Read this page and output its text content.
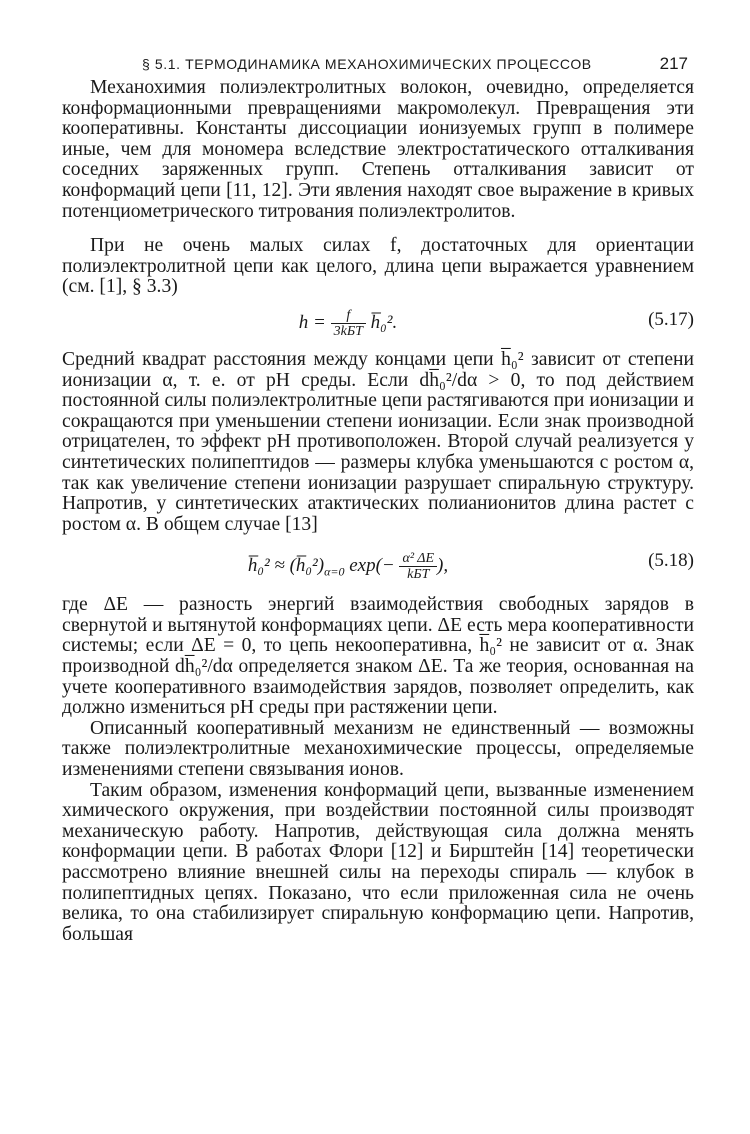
§ 5.1. ТЕРМОДИНАМИКА МЕХАНОХИМИЧЕСКИХ ПРОЦЕССОВ	217

Механохимия полиэлектролитных волокон, очевидно, определяется конформационными превращениями макромолекул. Превращения эти кооперативны. Константы диссоциации ионизуемых групп в полимере иные, чем для мономера вследствие электростатического отталкивания соседних заряженных групп. Степень отталкивания зависит от конформаций цепи [11, 12]. Эти явления находят свое выражение в кривых потенциометрического титрования полиэлектролитов.

При не очень малых силах f, достаточных для ориентации полиэлектролитной цепи как целого, длина цепи выражается уравнением (см. [1], § 3.3)

$h = \frac{f}{\text{3kБT}}$ h̅₀².	(5.17)

Средний квадрат расстояния между концами цепи h̅₀² зависит от степени ионизации α, т. е. от pH среды. Если dh̅₀²/dα > 0, то под действием постоянной силы полиэлектролитные цепи растягиваются при ионизации и сокращаются при уменьшении степени ионизации. Если знак производной отрицателен, то эффект pH противоположен. Второй случай реализуется у синтетических полипептидов — размеры клубка уменьшаются с ростом α, так как увеличение степени ионизации разрушает спиральную структуру. Напротив, у синтетических атактических полианионитов длина растет с ростом α. В общем случае [13]

h̅₀² ≈ $(h̅_0^2)_{\alpha=0}$ $\exp(- \frac{\text{α² ΔE}}{\text{kБT}}$ ),	(5.18)

где ΔE — разность энергий взаимодействия свободных зарядов в свернутой и вытянутой конформациях цепи. ΔE есть мера кооперативности системы; если ΔE = 0, то цепь некооперативна, h̅₀² не зависит от α. Знак производной dh̅₀²/dα определяется знаком ΔE. Та же теория, основанная на учете кооперативного взаимодействия зарядов, позволяет определить, как должно измениться pH среды при растяжении цепи.

Описанный кооперативный механизм не единственный — возможны также полиэлектролитные механохимические процессы, определяемые изменениями степени связывания ионов.

Таким образом, изменения конформаций цепи, вызванные изменением химического окружения, при воздействии постоянной силы производят механическую работу. Напротив, действующая сила должна менять конформации цепи. В работах Флори [12] и Бирштейн [14] теоретически рассмотрено влияние внешней силы на переходы спираль — клубок в полипептидных цепях. Показано, что если приложенная сила не очень велика, то она стабилизирует спиральную конформацию цепи. Напротив, большая
